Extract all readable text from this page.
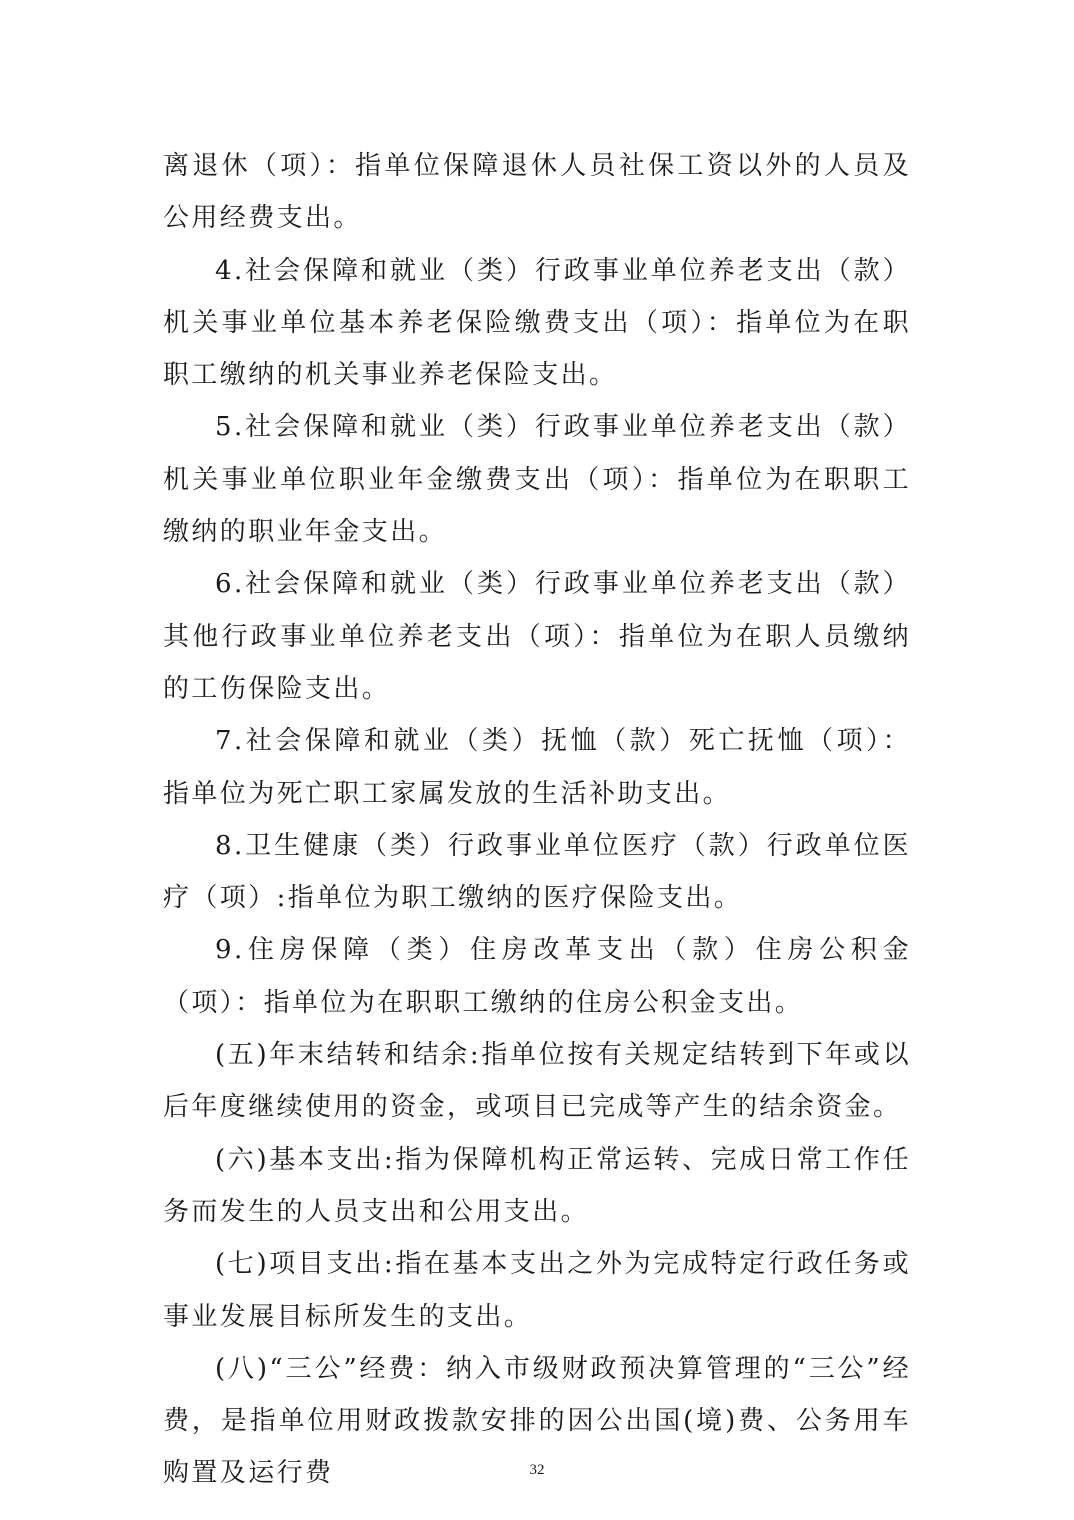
离退休（项）：指单位保障退休人员社保工资以外的人员及公用经费支出。

4.社会保障和就业（类）行政事业单位养老支出（款）机关事业单位基本养老保险缴费支出（项）：指单位为在职职工缴纳的机关事业养老保险支出。

5.社会保障和就业（类）行政事业单位养老支出（款）机关事业单位职业年金缴费支出（项）：指单位为在职职工缴纳的职业年金支出。

6.社会保障和就业（类）行政事业单位养老支出（款）其他行政事业单位养老支出（项）：指单位为在职人员缴纳的工伤保险支出。

7.社会保障和就业（类）抚恤（款）死亡抚恤（项）：指单位为死亡职工家属发放的生活补助支出。

8.卫生健康（类）行政事业单位医疗（款）行政单位医疗（项）:指单位为职工缴纳的医疗保险支出。

9.住房保障（类）住房改革支出（款）住房公积金（项）：指单位为在职职工缴纳的住房公积金支出。

(五)年末结转和结余:指单位按有关规定结转到下年或以后年度继续使用的资金，或项目已完成等产生的结余资金。

(六)基本支出:指为保障机构正常运转、完成日常工作任务而发生的人员支出和公用支出。

(七)项目支出:指在基本支出之外为完成特定行政任务或事业发展目标所发生的支出。

(八)“三公”经费：纳入市级财政预决算管理的“三公”经费，是指单位用财政拨款安排的因公出国(境)费、公务用车购置及运行费	32
